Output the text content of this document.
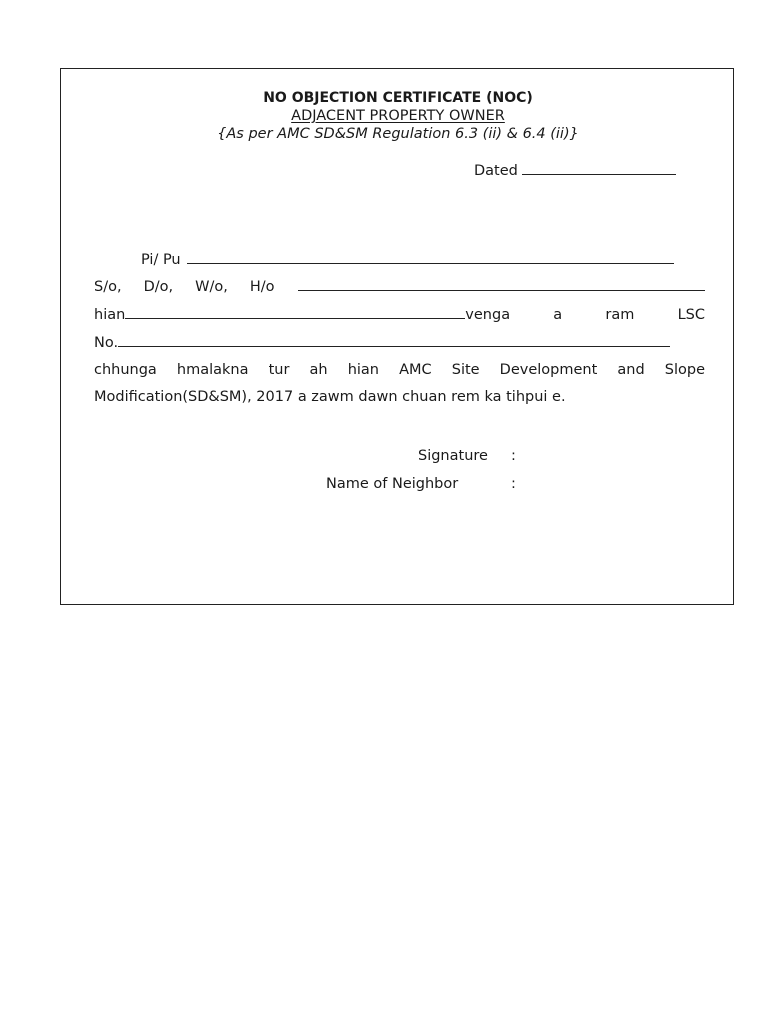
NO OBJECTION CERTIFICATE (NOC)
ADJACENT PROPERTY OWNER
{As per AMC SD&SM Regulation 6.3 (ii) & 6.4 (ii)}
Dated
Pi/ Pu
S/o, D/o, W/o, H/o
hian	venga	a	ram	LSC
No.
chhunga hmalakna tur ah hian AMC Site Development and Slope Modification(SD&SM), 2017 a zawm dawn chuan rem ka tihpui e.
Signature :
Name of Neighbor	:
